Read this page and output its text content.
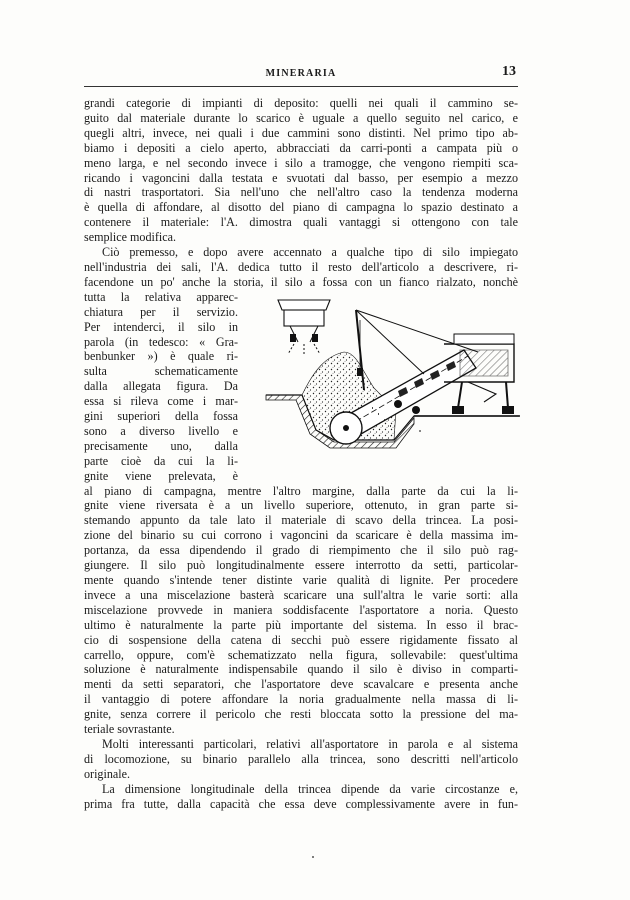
MINERARIA	13

grandi categorie di impianti di deposito: quelli nei quali il cammino se-
guito dal materiale durante lo scarico è uguale a quello seguito nel carico, e
quegli altri, invece, nei quali i due cammini sono distinti. Nel primo tipo ab-
biamo i depositi a cielo aperto, abbracciati da carri-ponti a campata più o
meno larga, e nel secondo invece i silo a tramogge, che vengono riempiti sca-
ricando i vagoncini dalla testata e svuotati dal basso, per esempio a mezzo
di nastri trasportatori. Sia nell'uno che nell'altro caso la tendenza moderna
è quella di affondare, al disotto del piano di campagna lo spazio destinato a
contenere il materiale: l'A. dimostra quali vantaggi si ottengono con tale
semplice modifica.

Ciò premesso, e dopo avere accennato a qualche tipo di silo impiegato
nell'industria dei sali, l'A. dedica tutto il resto dell'articolo a descrivere, ri-
facendone un po' anche la storia, il silo a fossa con un fianco rialzato, nonchè

tutta la relativa apparec-
chiatura per il servizio.
Per intenderci, il silo in
parola (in tedesco: « Gra-
benbunker ») è quale ri-
sulta schematicamente
dalla allegata figura. Da
essa si rileva come i mar-
gini superiori della fossa
sono a diverso livello e
precisamente uno, dalla
parte cioè da cui la li-
gnite viene prelevata, è

al piano di campagna, mentre l'altro margine, dalla parte da cui la li-
gnite viene riversata è a un livello superiore, ottenuto, in gran parte si-
stemando appunto da tale lato il materiale di scavo della trincea. La posi-
zione del binario su cui corrono i vagoncini da scaricare è della massima im-
portanza, da essa dipendendo il grado di riempimento che il silo può rag-
giungere. Il silo può longitudinalmente essere interrotto da setti, particolar-
mente quando s'intende tener distinte varie qualità di lignite. Per procedere
invece a una miscelazione basterà scaricare una sull'altra le varie sorti: alla
miscelazione provvede in maniera soddisfacente l'asportatore a noria. Questo
ultimo è naturalmente la parte più importante del sistema. In esso il brac-
cio di sospensione della catena di secchi può essere rigidamente fissato al
carrello, oppure, com'è schematizzato nella figura, sollevabile: quest'ultima
soluzione è naturalmente indispensabile quando il silo è diviso in comparti-
menti da setti separatori, che l'asportatore deve scavalcare e presenta anche
il vantaggio di potere affondare la noria gradualmente nella massa di li-
gnite, senza correre il pericolo che resti bloccata sotto la pressione del ma-
teriale sovrastante.

Molti interessanti particolari, relativi all'asportatore in parola e al sistema
di locomozione, su binario parallelo alla trincea, sono descritti nell'articolo
originale.

La dimensione longitudinale della trincea dipende da varie circostanze e,
prima fra tutte, dalla capacità che essa deve complessivamente avere in fun-
